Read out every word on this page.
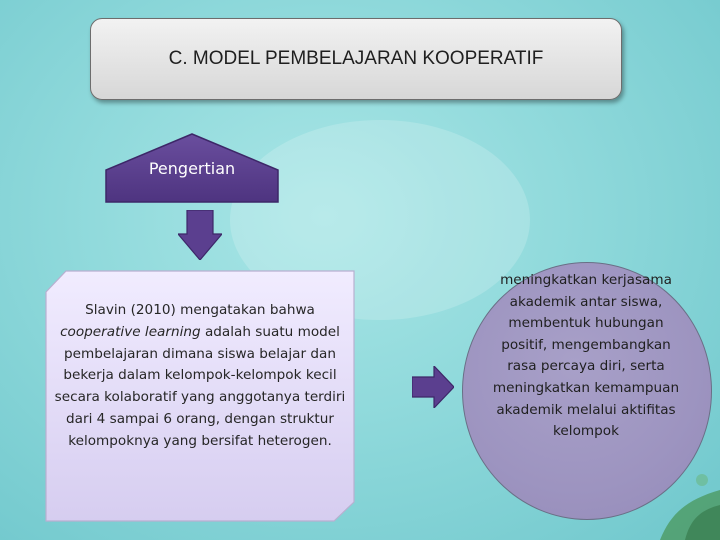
C. MODEL PEMBELAJARAN KOOPERATIF
Pengertian
Slavin (2010) mengatakan bahwa cooperative learning adalah suatu model pembelajaran dimana siswa belajar dan bekerja dalam kelompok-kelompok kecil secara kolaboratif yang anggotanya terdiri dari 4 sampai 6 orang, dengan struktur kelompoknya yang bersifat heterogen.
meningkatkan kerjasama akademik antar siswa, membentuk hubungan positif, mengembangkan rasa percaya diri, serta meningkatkan kemampuan akademik melalui aktifitas kelompok
